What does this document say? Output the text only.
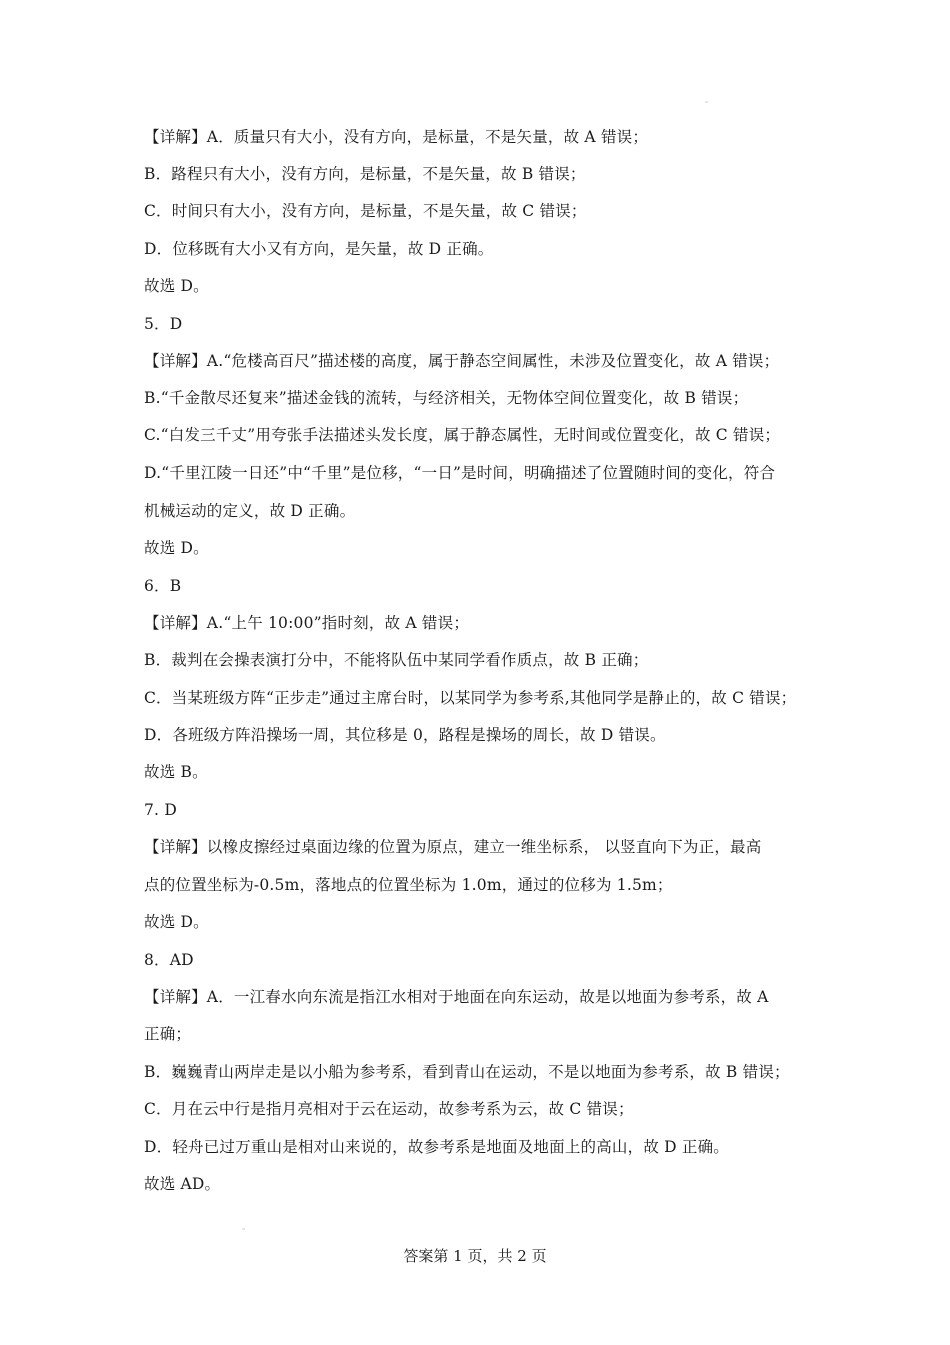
【详解】A．质量只有大小，没有方向，是标量，不是矢量，故 A 错误；
B．路程只有大小，没有方向，是标量，不是矢量，故 B 错误；
C．时间只有大小，没有方向，是标量，不是矢量，故 C 错误；
D．位移既有大小又有方向，是矢量，故 D 正确。
故选 D。
5．D
【详解】A.“危楼高百尺”描述楼的高度，属于静态空间属性，未涉及位置变化，故 A 错误；
B.“千金散尽还复来”描述金钱的流转，与经济相关，无物体空间位置变化，故 B 错误；
C.“白发三千丈”用夸张手法描述头发长度，属于静态属性，无时间或位置变化，故 C 错误；
D.“千里江陵一日还”中“千里”是位移，“一日”是时间，明确描述了位置随时间的变化，符合
机械运动的定义，故 D 正确。
故选 D。
6．B
【详解】A.“上午 10:00”指时刻，故 A 错误；
B．裁判在会操表演打分中，不能将队伍中某同学看作质点，故 B 正确；
C．当某班级方阵“正步走”通过主席台时，以某同学为参考系,其他同学是静止的，故 C 错误；
D．各班级方阵沿操场一周，其位移是 0，路程是操场的周长，故 D 错误。
故选 B。
7. D
【详解】以橡皮擦经过桌面边缘的位置为原点，建立一维坐标系， 以竖直向下为正，最高
点的位置坐标为-0.5m，落地点的位置坐标为 1.0m，通过的位移为 1.5m；
故选 D。
8．AD
【详解】A．一江春水向东流是指江水相对于地面在向东运动，故是以地面为参考系，故 A
正确；
B．巍巍青山两岸走是以小船为参考系，看到青山在运动，不是以地面为参考系，故 B 错误；
C．月在云中行是指月亮相对于云在运动，故参考系为云，故 C 错误；
D．轻舟已过万重山是相对山来说的，故参考系是地面及地面上的高山，故 D 正确。
故选 AD。
答案第 1 页，共 2 页
